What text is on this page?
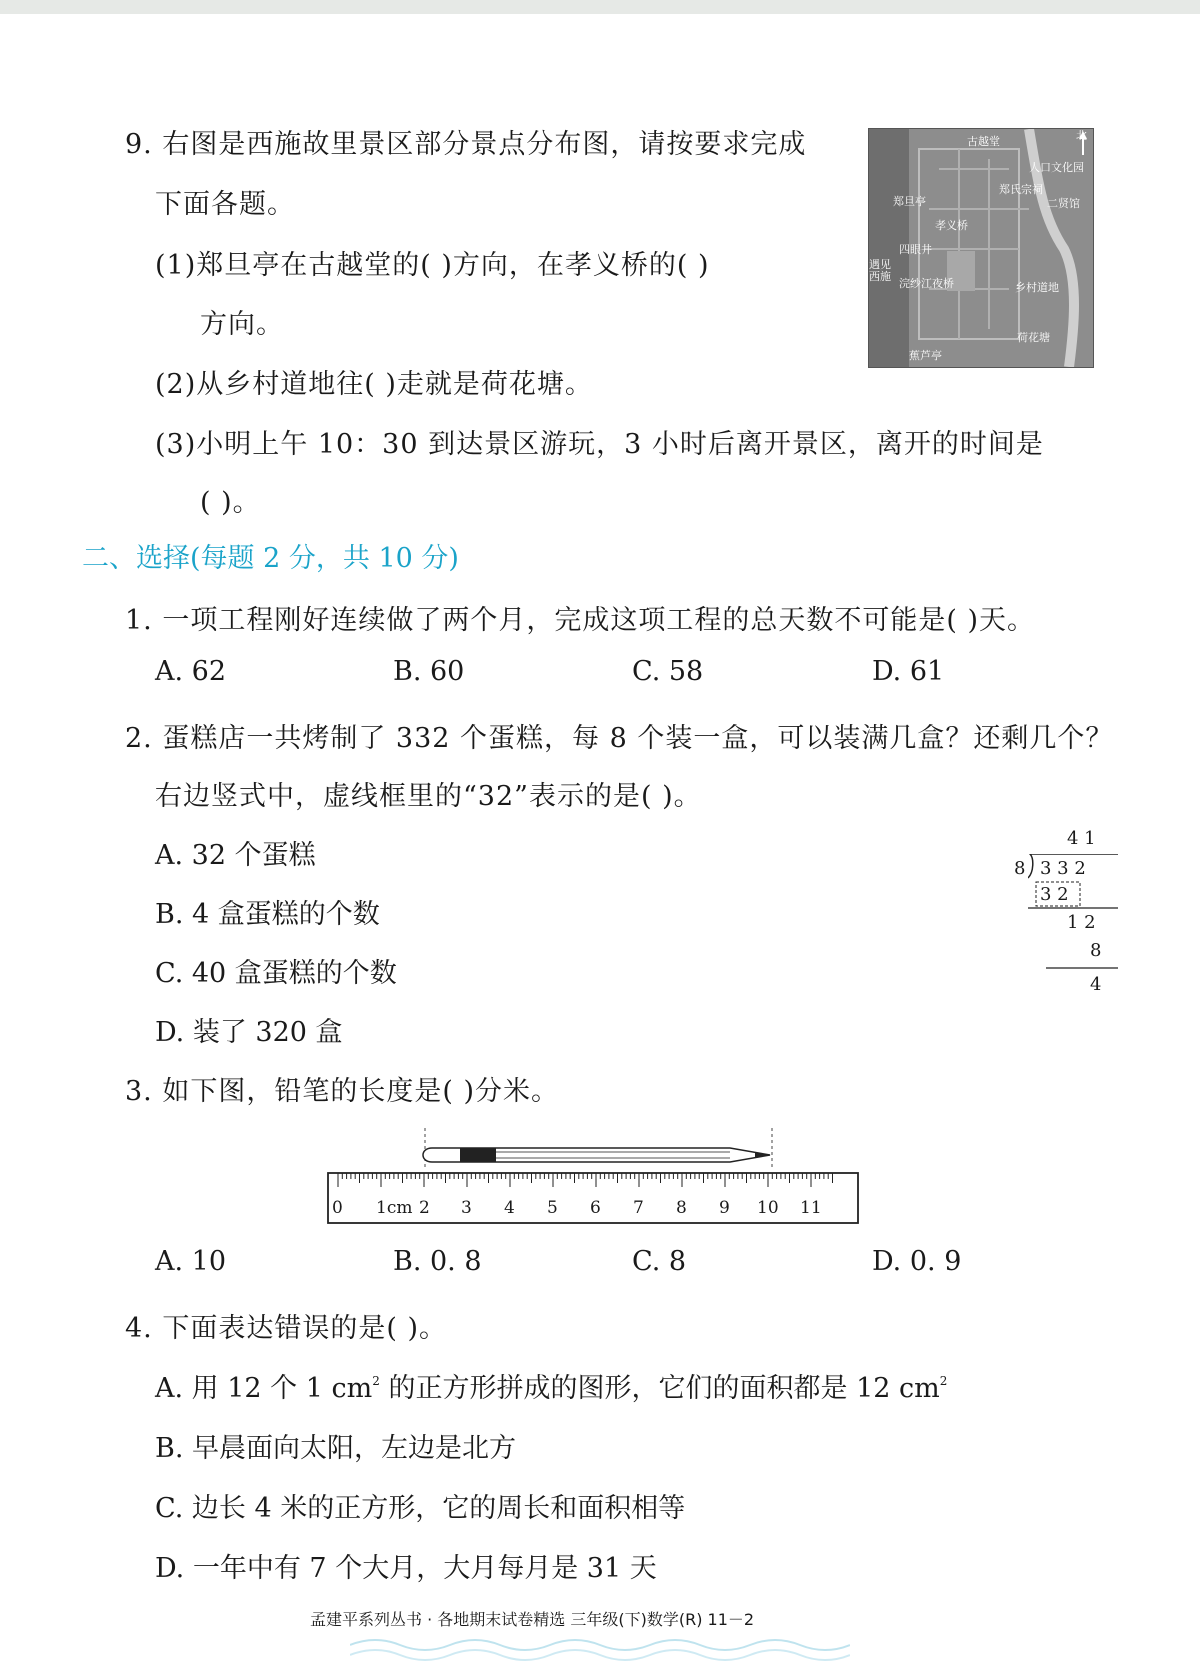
9. 右图是西施故里景区部分景点分布图，请按要求完成
下面各题。
(1)郑旦亭在古越堂的( )方向，在孝义桥的( )
方向。
(2)从乡村道地往( )走就是荷花塘。
(3)小明上午 10：30 到达景区游玩，3 小时后离开景区，离开的时间是
( )。
北
古越堂
人口文化园
郑氏宗祠
郑旦亭	二贤馆
孝义桥
四眼井
遇见西施
浣纱江夜桥	乡村道地
荷花塘
蕉芦亭
二、选择(每题 2 分，共 10 分)
1. 一项工程刚好连续做了两个月，完成这项工程的总天数不可能是( )天。
A. 62	B. 60	C. 58	D. 61
2. 蛋糕店一共烤制了 332 个蛋糕，每 8 个装一盒，可以装满几盒？还剩几个？
右边竖式中，虚线框里的“32”表示的是( )。
A. 32 个蛋糕
B. 4 盒蛋糕的个数
C. 40 盒蛋糕的个数
D. 装了 320 盒
4 1
8 3 3 2
3 2
1 2
8
4
3. 如下图，铅笔的长度是( )分米。
0 1cm 2 3 4 5 6 7 8 9 10 11
A. 10	B. 0. 8	C. 8	D. 0. 9
4. 下面表达错误的是( )。
A. 用 12 个 1 $cm^2$ 的正方形拼成的图形，它们的面积都是 12 $cm^2$
B. 早晨面向太阳，左边是北方
C. 边长 4 米的正方形，它的周长和面积相等
D. 一年中有 7 个大月，大月每月是 31 天
孟建平系列丛书 · 各地期末试卷精选 三年级(下)数学(R) 11－2
